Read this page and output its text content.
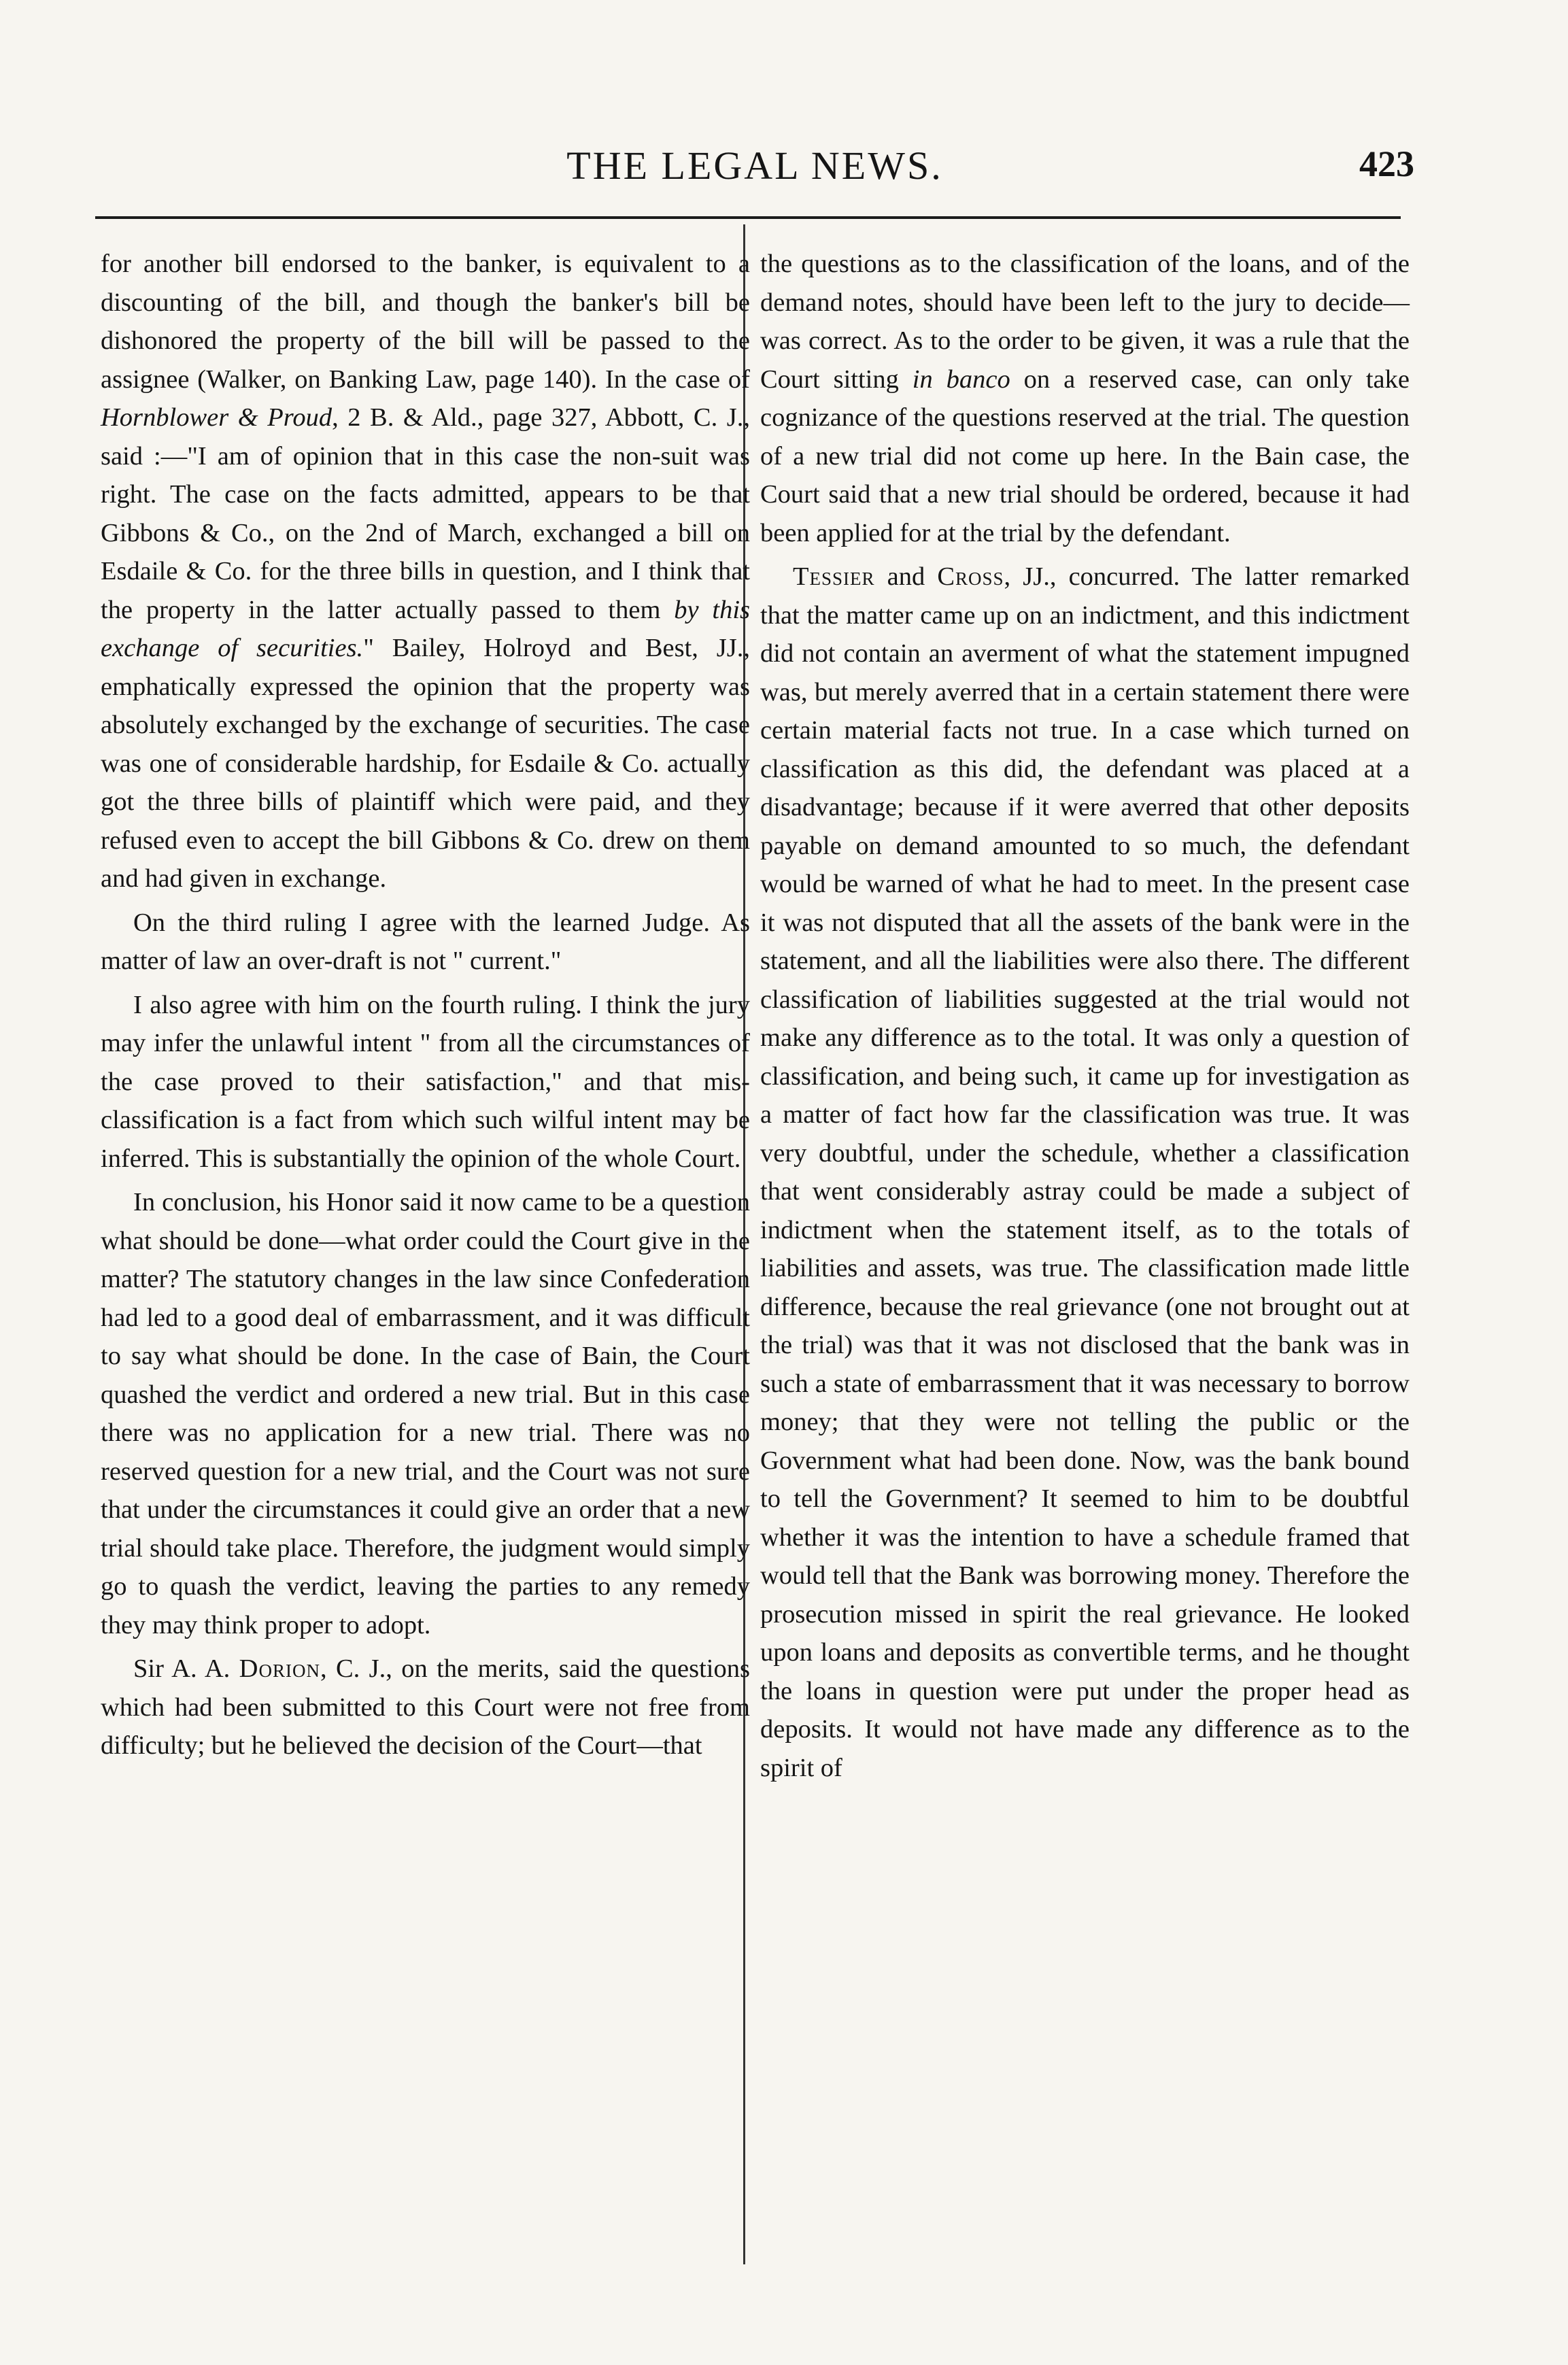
THE LEGAL NEWS.	423

for another bill endorsed to the banker, is equivalent to a discounting of the bill, and though the banker's bill be dishonored the property of the bill will be passed to the assignee (Walker, on Banking Law, page 140). In the case of Hornblower & Proud, 2 B. & Ald., page 327, Abbott, C. J., said :—"I am of opinion that in this case the non-suit was right. The case on the facts admitted, appears to be that Gibbons & Co., on the 2nd of March, exchanged a bill on Esdaile & Co. for the three bills in question, and I think that the property in the latter actually passed to them by this exchange of securities." Bailey, Holroyd and Best, JJ., emphatically expressed the opinion that the property was absolutely exchanged by the exchange of securities. The case was one of considerable hardship, for Esdaile & Co. actually got the three bills of plaintiff which were paid, and they refused even to accept the bill Gibbons & Co. drew on them and had given in exchange.

On the third ruling I agree with the learned Judge. As matter of law an over-draft is not " current."

I also agree with him on the fourth ruling. I think the jury may infer the unlawful intent " from all the circumstances of the case proved to their satisfaction," and that mis-classification is a fact from which such wilful intent may be inferred. This is substantially the opinion of the whole Court.

In conclusion, his Honor said it now came to be a question what should be done—what order could the Court give in the matter? The statutory changes in the law since Confederation had led to a good deal of embarrassment, and it was difficult to say what should be done. In the case of Bain, the Court quashed the verdict and ordered a new trial. But in this case there was no application for a new trial. There was no reserved question for a new trial, and the Court was not sure that under the circumstances it could give an order that a new trial should take place. Therefore, the judgment would simply go to quash the verdict, leaving the parties to any remedy they may think proper to adopt.

Sir A. A. Dorion, C. J., on the merits, said the questions which had been submitted to this Court were not free from difficulty; but he believed the decision of the Court—that

the questions as to the classification of the loans, and of the demand notes, should have been left to the jury to decide—was correct. As to the order to be given, it was a rule that the Court sitting in banco on a reserved case, can only take cognizance of the questions reserved at the trial. The question of a new trial did not come up here. In the Bain case, the Court said that a new trial should be ordered, because it had been applied for at the trial by the defendant.

Tessier and Cross, JJ., concurred. The latter remarked that the matter came up on an indictment, and this indictment did not contain an averment of what the statement impugned was, but merely averred that in a certain statement there were certain material facts not true. In a case which turned on classification as this did, the defendant was placed at a disadvantage; because if it were averred that other deposits payable on demand amounted to so much, the defendant would be warned of what he had to meet. In the present case it was not disputed that all the assets of the bank were in the statement, and all the liabilities were also there. The different classification of liabilities suggested at the trial would not make any difference as to the total. It was only a question of classification, and being such, it came up for investigation as a matter of fact how far the classification was true. It was very doubtful, under the schedule, whether a classification that went considerably astray could be made a subject of indictment when the statement itself, as to the totals of liabilities and assets, was true. The classification made little difference, because the real grievance (one not brought out at the trial) was that it was not disclosed that the bank was in such a state of embarrassment that it was necessary to borrow money; that they were not telling the public or the Government what had been done. Now, was the bank bound to tell the Government? It seemed to him to be doubtful whether it was the intention to have a schedule framed that would tell that the Bank was borrowing money. Therefore the prosecution missed in spirit the real grievance. He looked upon loans and deposits as convertible terms, and he thought the loans in question were put under the proper head as deposits. It would not have made any difference as to the spirit of
